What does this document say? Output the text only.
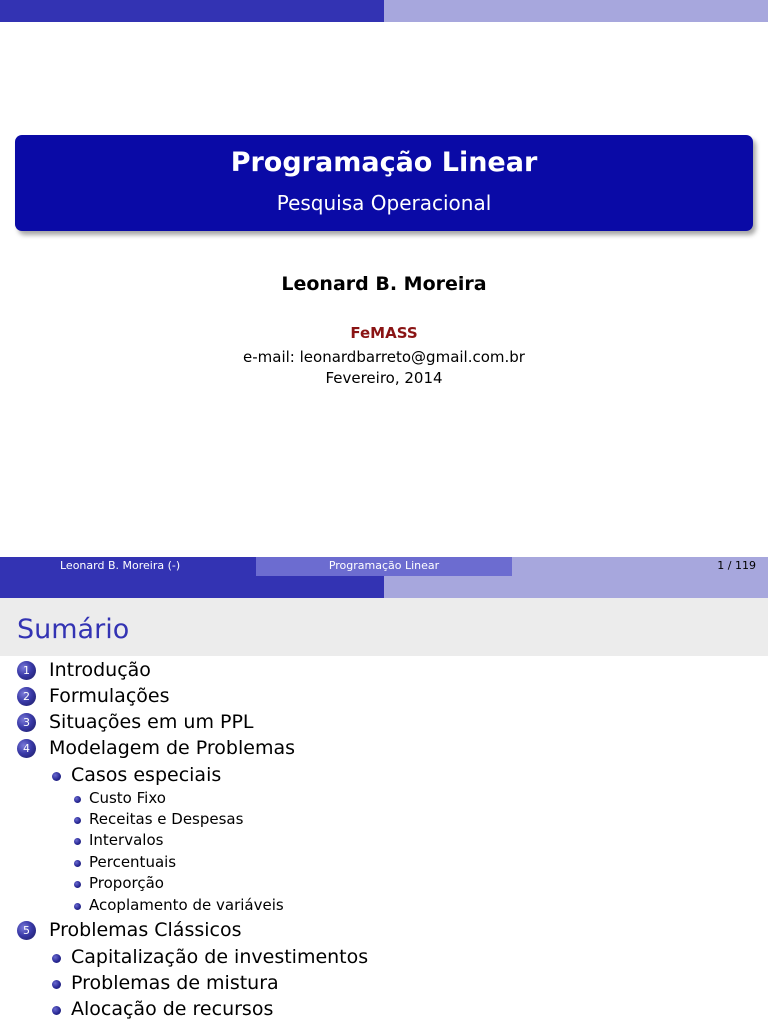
Programação Linear
Pesquisa Operacional
Leonard B. Moreira
FeMASS
e-mail: leonardbarreto@gmail.com.br
Fevereiro, 2014
Leonard B. Moreira (-)	Programação Linear	1 / 119
Sumário
1	Introdução
2	Formulações
3	Situações em um PPL
4	Modelagem de Problemas
Casos especiais
Custo Fixo
Receitas e Despesas
Intervalos
Percentuais
Proporção
Acoplamento de variáveis
5	Problemas Clássicos
Capitalização de investimentos
Problemas de mistura
Alocação de recursos
